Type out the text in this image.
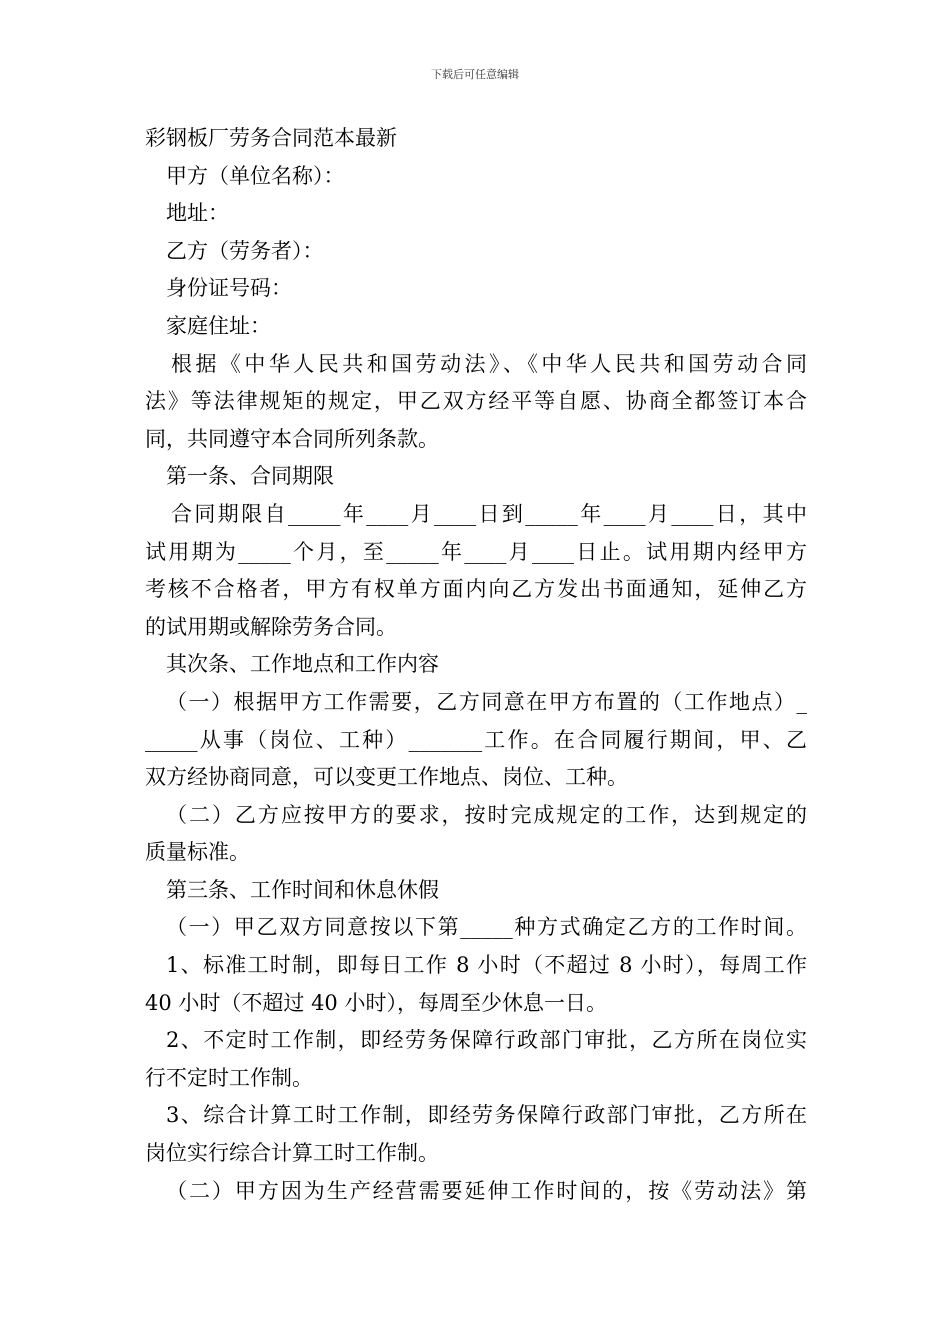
下载后可任意编辑
彩钢板厂劳务合同范本最新
甲方（单位名称）：
地址：
乙方（劳务者）：
身份证号码：
家庭住址：
根据《中华人民共和国劳动法》、《中华人民共和国劳动合同
法》等法律规矩的规定，甲乙双方经平等自愿、协商全都签订本合
同，共同遵守本合同所列条款。
第一条、合同期限
合同期限自_____年____月____日到_____年____月____日，其中
试用期为_____个月，至_____年____月____日止。试用期内经甲方
考核不合格者，甲方有权单方面内向乙方发出书面通知，延伸乙方
的试用期或解除劳务合同。
其次条、工作地点和工作内容
（一）根据甲方工作需要，乙方同意在甲方布置的（工作地点）_
_____从事（岗位、工种）_______工作。在合同履行期间，甲、乙
双方经协商同意，可以变更工作地点、岗位、工种。
（二）乙方应按甲方的要求，按时完成规定的工作，达到规定的
质量标准。
第三条、工作时间和休息休假
（一）甲乙双方同意按以下第_____种方式确定乙方的工作时间。
1、标准工时制，即每日工作 8 小时（不超过 8 小时），每周工作
40 小时（不超过 40 小时），每周至少休息一日。
2、不定时工作制，即经劳务保障行政部门审批，乙方所在岗位实
行不定时工作制。
3、综合计算工时工作制，即经劳务保障行政部门审批，乙方所在
岗位实行综合计算工时工作制。
（二）甲方因为生产经营需要延伸工作时间的，按《劳动法》第
